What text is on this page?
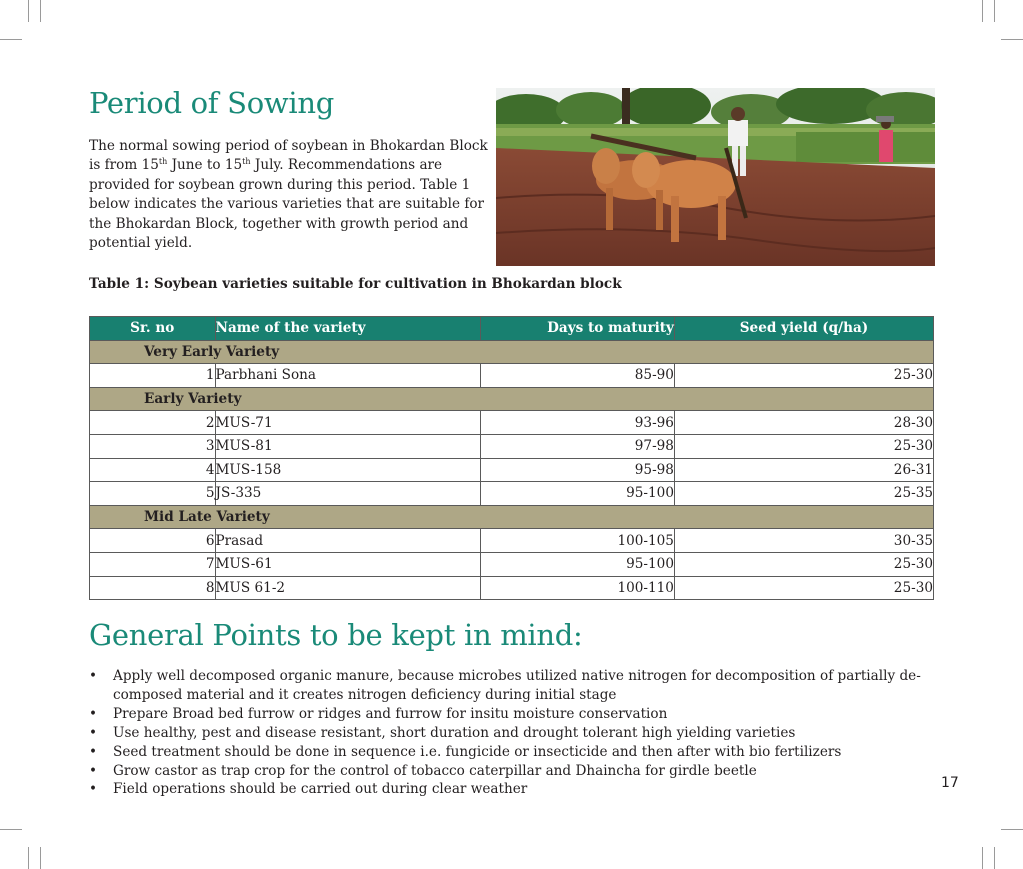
Period of Sowing

The normal sowing period of soybean in Bhokardan Block is from 15th June to 15th July. Recommendations are provided for soybean grown during this period. Table 1 below indicates the various varieties that are suitable for the Bhokardan Block, together with growth period and potential yield.

Table 1: Soybean varieties suitable for cultivation in Bhokardan block

Sr. no	Name of the variety	Days to maturity	Seed yield (q/ha)
Very Early Variety			
1	Parbhani Sona	85-90	25-30
Early Variety			
2	MUS-71	93-96	28-30
3	MUS-81	97-98	25-30
4	MUS-158	95-98	26-31
5	JS-335	95-100	25-35
Mid Late Variety			
6	Prasad	100-105	30-35
7	MUS-61	95-100	25-30
8	MUS 61-2	100-110	25-30
General Points to be kept in mind:
• Apply well decomposed organic manure, because microbes utilized native nitrogen for decomposition of partially de-composed material and it creates nitrogen deficiency during initial stage
• Prepare Broad bed furrow or ridges and furrow for insitu moisture conservation
• Use healthy, pest and disease resistant, short duration and drought tolerant high yielding varieties
• Seed treatment should be done in sequence i.e. fungicide or insecticide and then after with bio fertilizers
• Grow castor as trap crop for the control of tobacco caterpillar and Dhaincha for girdle beetle
• Field operations should be carried out during clear weather	17
